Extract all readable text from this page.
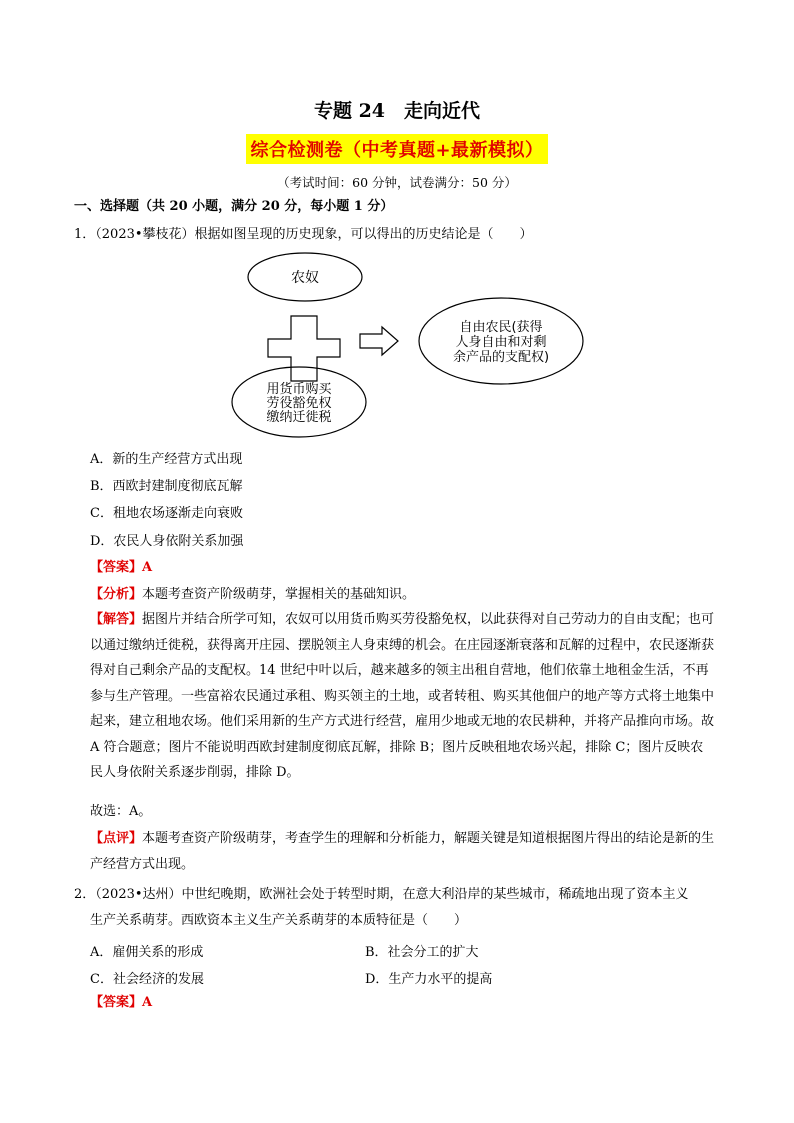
专题 24　走向近代
综合检测卷（中考真题+最新模拟）
（考试时间：60 分钟，试卷满分：50 分）
一、选择题（共 20 小题，满分 20 分，每小题 1 分）
1．（2023•攀枝花）根据如图呈现的历史现象，可以得出的历史结论是（　　）
农奴
自由农民(获得
人身自由和对剩
余产品的支配权)
用货币购买
劳役豁免权
缴纳迁徙税
A．新的生产经营方式出现
B．西欧封建制度彻底瓦解
C．租地农场逐渐走向衰败
D．农民人身依附关系加强
【答案】A
【分析】本题考查资产阶级萌芽，掌握相关的基础知识。
【解答】据图片并结合所学可知，农奴可以用货币购买劳役豁免权，以此获得对自己劳动力的自由支配；也可以通过缴纳迁徙税，获得离开庄园、摆脱领主人身束缚的机会。在庄园逐渐衰落和瓦解的过程中，农民逐渐获得对自己剩余产品的支配权。14 世纪中叶以后，越来越多的领主出租自营地，他们依靠土地租金生活，不再参与生产管理。一些富裕农民通过承租、购买领主的土地，或者转租、购买其他佃户的地产等方式将土地集中起来，建立租地农场。他们采用新的生产方式进行经营，雇用少地或无地的农民耕种，并将产品推向市场。故 A 符合题意；图片不能说明西欧封建制度彻底瓦解，排除 B；图片反映租地农场兴起，排除 C；图片反映农民人身依附关系逐步削弱，排除 D。
故选：A。
【点评】本题考查资产阶级萌芽，考查学生的理解和分析能力，解题关键是知道根据图片得出的结论是新的生产经营方式出现。
2．（2023•达州）中世纪晚期，欧洲社会处于转型时期，在意大利沿岸的某些城市，稀疏地出现了资本主义
生产关系萌芽。西欧资本主义生产关系萌芽的本质特征是（　　）
A．雇佣关系的形成	B．社会分工的扩大
C．社会经济的发展	D．生产力水平的提高
【答案】A
